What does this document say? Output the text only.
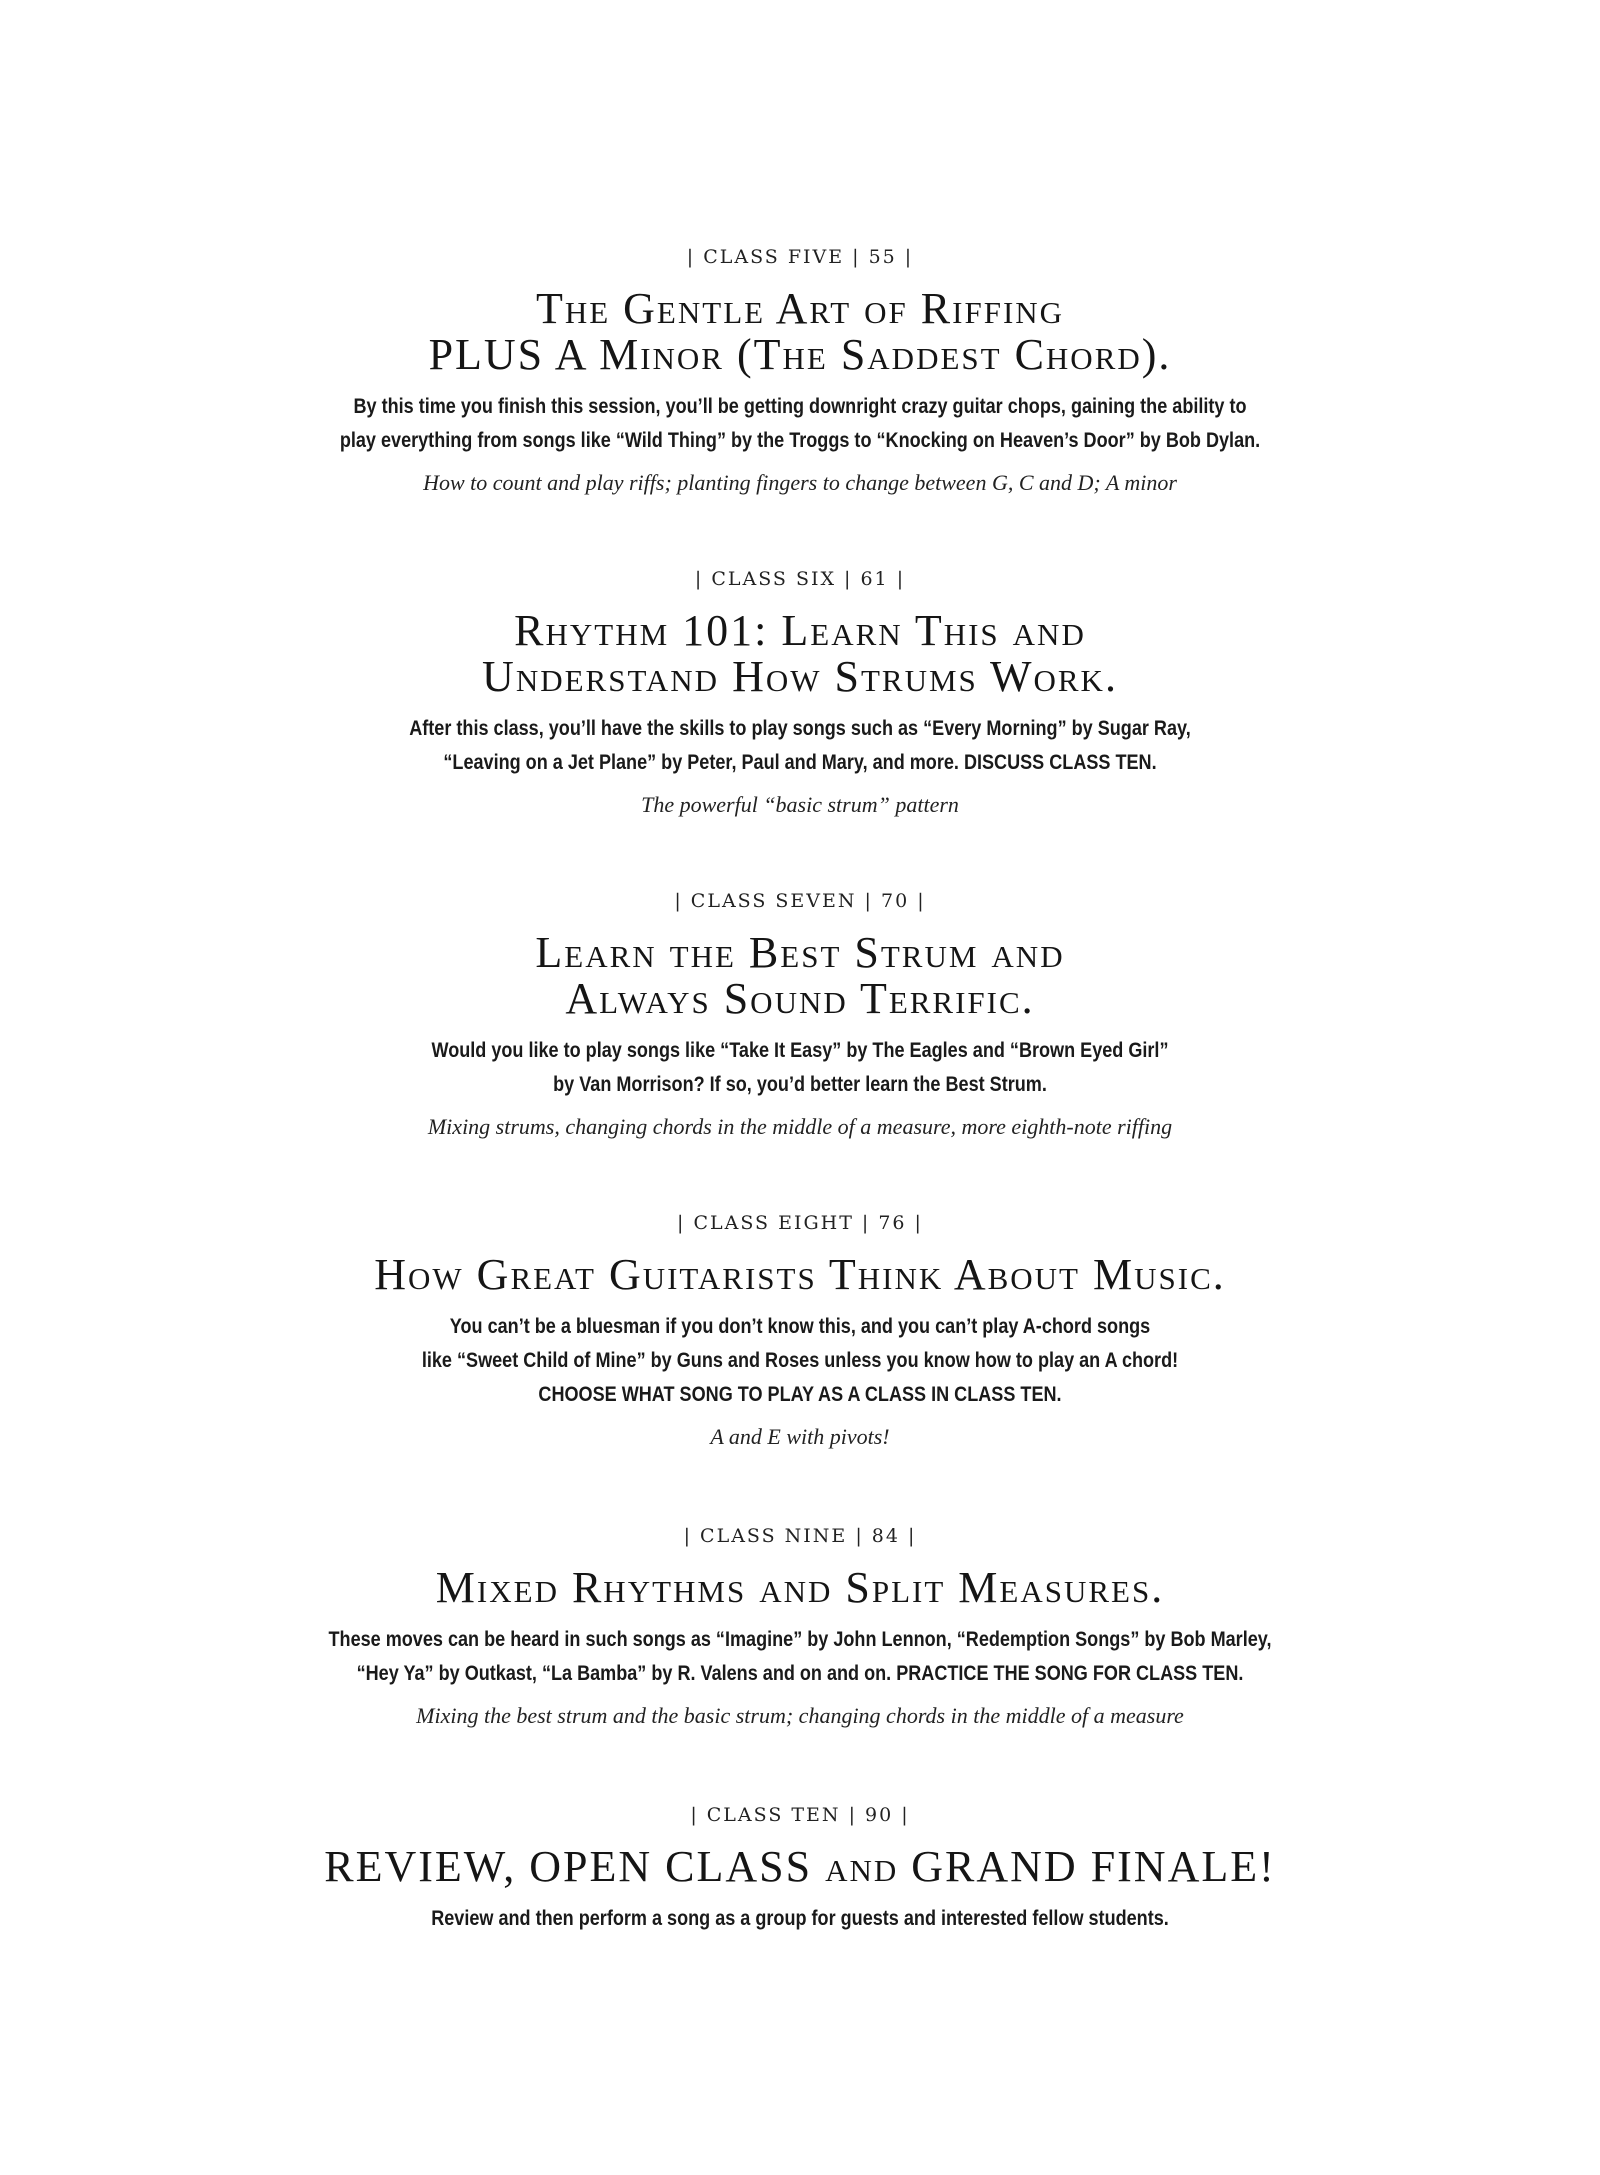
| CLASS FIVE | 55 |

The Gentle Art of Riffing
PLUS A Minor (The Saddest Chord).

By this time you finish this session, you’ll be getting downright crazy guitar chops, gaining the ability to
play everything from songs like “Wild Thing” by the Troggs to “Knocking on Heaven’s Door” by Bob Dylan.

How to count and play riffs; planting fingers to change between G, C and D; A minor

| CLASS SIX | 61 |

Rhythm 101: Learn This and
Understand How Strums Work.

After this class, you’ll have the skills to play songs such as “Every Morning” by Sugar Ray,
“Leaving on a Jet Plane” by Peter, Paul and Mary, and more. DISCUSS CLASS TEN.

The powerful “basic strum” pattern

| CLASS SEVEN | 70 |

Learn the Best Strum and
Always Sound Terrific.

Would you like to play songs like “Take It Easy” by The Eagles and “Brown Eyed Girl”
by Van Morrison? If so, you’d better learn the Best Strum.

Mixing strums, changing chords in the middle of a measure, more eighth-note riffing

| CLASS EIGHT | 76 |

How Great Guitarists Think About Music.

You can’t be a bluesman if you don’t know this, and you can’t play A-chord songs
like “Sweet Child of Mine” by Guns and Roses unless you know how to play an A chord!
CHOOSE WHAT SONG TO PLAY AS A CLASS IN CLASS TEN.

A and E with pivots!

| CLASS NINE | 84 |

Mixed Rhythms and Split Measures.

These moves can be heard in such songs as “Imagine” by John Lennon, “Redemption Songs” by Bob Marley,
“Hey Ya” by Outkast, “La Bamba” by R. Valens and on and on. PRACTICE THE SONG FOR CLASS TEN.

Mixing the best strum and the basic strum; changing chords in the middle of a measure

| CLASS TEN | 90 |

REVIEW, OPEN CLASS and GRAND FINALE!

Review and then perform a song as a group for guests and interested fellow students.
